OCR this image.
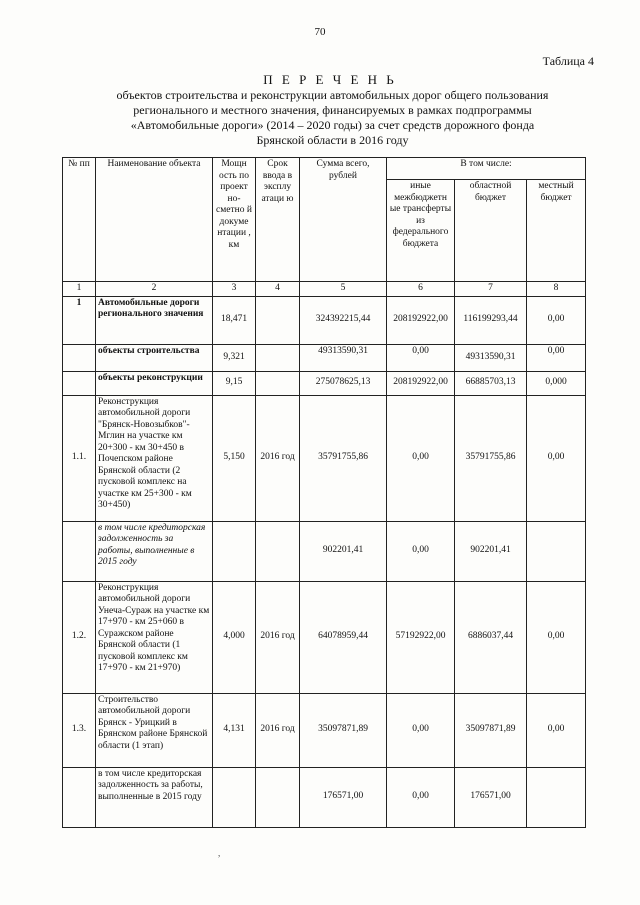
70
Таблица 4
П Е Р Е Ч Е Н Ь
объектов строительства и реконструкции автомобильных дорог общего пользования
регионального и местного значения, финансируемых в рамках подпрограммы
«Автомобильные дороги» (2014 – 2020 годы) за счет средств дорожного фонда
Брянской области в 2016 году
№ пп	Наименование объекта	Мощн ость по проект но- сметно й докуме нтации , км	Срок ввода в эксплу атаци ю	Сумма всего, рублей	В том числе:		
					иные межбюджетн ые трансферты из федерального бюджета	областной бюджет	местный бюджет
1	2	3	4	5	6	7	8
1	Автомобильные дороги регионального значения	18,471		324392215,44	208192922,00	116199293,44	0,00
	объекты строительства	9,321		49313590,31	0,00	49313590,31	0,00
	объекты реконструкции	9,15		275078625,13	208192922,00	66885703,13	0,000
1.1.	Реконструкция автомобильной дороги "Брянск-Новозыбков"-Мглин на участке км 20+300 - км 30+450 в Почепском районе Брянской области (2 пусковой комплекс на участке км 25+300 - км 30+450)	5,150	2016 год	35791755,86	0,00	35791755,86	0,00
	в том числе кредиторская задолженность за работы, выполненные в 2015 году			902201,41	0,00	902201,41	
1.2.	Реконструкция автомобильной дороги Унеча-Сураж на участке км 17+970 - км 25+060 в Суражском районе Брянской области (1 пусковой комплекс км 17+970 - км 21+970)	4,000	2016 год	64078959,44	57192922,00	6886037,44	0,00
1.3.	Строительство автомобильной дороги Брянск - Урицкий в Брянском районе Брянской области (1 этап)	4,131	2016 год	35097871,89	0,00	35097871,89	0,00
	в том числе кредиторская задолженность за работы, выполненные в 2015 году			176571,00	0,00	176571,00	
,
